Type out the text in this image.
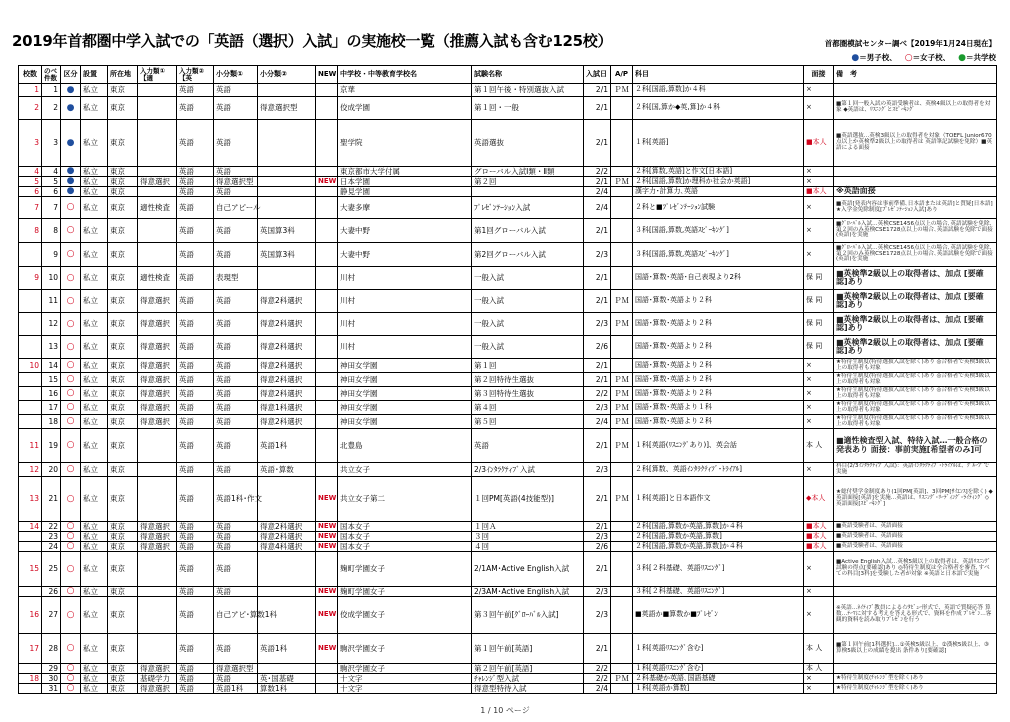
2019年首都圏中学入試での「英語（選択）入試」の実施校一覧（推薦入試も含む125校）	首都圏模試センター調べ【2019年1月24日現在】
●＝男子校、 ○＝女子校、 ●＝共学校
校数	のべ件数	区分	設置	所在地	入力類①【適	入力類②【英	小分類①	小分類②	NEW	中学校・中等教育学校名	試験名称	入試日	A/P	科目	面接	備　考
1	1	●	私立	東京		英語	英語			京華	第１回午後・特別選抜入試	2/1	ＰＭ	２科[国語,算数]か４科	×	
2	2	●	私立	東京		英語	英語	得意選択型		佼成学園	第１回・一般	2/1		２科[国,算か◆英,算]か４科	×	■第１回一般入試の英語受験者は、英検4級以上の取得者を対象 ◆英語は、ﾘｽﾆﾝｸﾞとｽﾋﾟｰｷﾝｸﾞ
3	3	●	私立	東京		英語	英語			聖学院	英語選抜	2/1		１科[英語]	■本人	■英語選抜…英検3級以上の取得者を対象（TOEFL Junior670点以上か英検準2級以上の取得者は 英語筆記試験を免除）■英語による面接
4	4	●	私立	東京		英語	英語			東京都市大学付属	グローバル入試Ⅰ類・Ⅱ類	2/2		２科[算数,英語]と作文[日本語]	×	
5	5	●	私立	東京	得意選択	英語	得意選択型		NEW	日本学園	第２回	2/1	ＰＭ	２科[国語,算数]か理科か社会か英語]	×	
6	6	●	私立	東京		英語	英語			静見学園		2/4		漢字力･計算力､英語	■本人	※英語面接
7	7	○	私立	東京	適性検査	英語	自己アピール			大妻多摩	ﾌﾟﾚｾﾞﾝﾃｰｼｮﾝ入試	2/4		２科と■ﾌﾟﾚｾﾞﾝﾃｰｼｮﾝ試験	×	■英語[発表内容は事前準備､日本語または英語]と質疑[日本語] ★入学金免除制度[ﾌﾟﾚｾﾞﾝﾃｰｼｮﾝ入試]あり
8	8	○	私立	東京		英語	英語	英国算3科		大妻中野	第1回グローバル入試	2/1		３科[国語,算数,英語ｽﾋﾟｰｷﾝｸﾞ]	×	■ｸﾞﾛｰﾊﾞﾙ入試…英検CSE1456点以上の場合､英語試験を免除､第２回のみ英検CSE1728点以上の場合､英語試験を免除で面接(英語)を実施
	9	○	私立	東京		英語	英語	英国算3科		大妻中野	第2回グローバル入試	2/3		３科[国語,算数,英語ｽﾋﾟｰｷﾝｸﾞ]	×	■ｸﾞﾛｰﾊﾞﾙ入試…英検CSE1456点以上の場合､英語試験を免除､第２回のみ英検CSE1728点以上の場合､英語試験を免除で面接(英語)を実施
9	10	○	私立	東京	適性検査	英語	表現型			川村	一般入試	2/1		国語･算数･英語･自己表現より2科	保 同	■英検準2級以上の取得者は、加点 [要確認]あり
	11	○	私立	東京	得意選択	英語	英語	得意2科選択		川村	一般入試	2/1	ＰＭ	国語･算数･英語より２科	保 同	■英検準2級以上の取得者は、加点 [要確認]あり
	12	○	私立	東京	得意選択	英語	英語	得意2科選択		川村	一般入試	2/3	ＰＭ	国語･算数･英語より２科	保 同	■英検準2級以上の取得者は、加点 [要確認]あり
	13	○	私立	東京	得意選択	英語	英語	得意2科選択		川村	一般入試	2/6		国語･算数･英語より２科	保 同	■英検準2級以上の取得者は、加点 [要確認]あり
10	14	○	私立	東京	得意選択	英語	英語	得意2科選択		神田女学園	第１回	2/1		国語･算数･英語より２科	×	★特待生制度(特待選抜入試を除く)あり ◎合格者で英検3級以上の取得者も対象
	15	○	私立	東京	得意選択	英語	英語	得意2科選択		神田女学園	第２回特待生選抜	2/1	ＰＭ	国語･算数･英語より２科	×	★特待生制度(特待選抜入試を除く)あり ◎合格者で英検3級以上の取得者も対象
	16	○	私立	東京	得意選択	英語	英語	得意2科選択		神田女学園	第３回特待生選抜	2/2	ＰＭ	国語･算数･英語より２科	×	★特待生制度(特待選抜入試を除く)あり ◎合格者で英検3級以上の取得者も対象
	17	○	私立	東京	得意選択	英語	英語	得意1科選択		神田女学園	第４回	2/3	ＰＭ	国語･算数･英語より１科	×	★特待生制度(特待選抜入試を除く)あり ◎合格者で英検3級以上の取得者も対象
	18	○	私立	東京	得意選択	英語	英語	得意2科選択		神田女学園	第５回	2/4	ＰＭ	国語･算数･英語より２科	×	★特待生制度(特待選抜入試を除く)あり ◎合格者で英検3級以上の取得者も対象
11	19	○	私立	東京		英語	英語	英語1科		北豊島	英語	2/1	ＰＭ	１科[英語(ﾘｽﾆﾝｸﾞあり)]、英会話	本 人	■適性検査型入試、特待入試…一般合格の発表あり 面接：事前実施[希望者のみ]可
12	20	○	私立	東京		英語	英語	英語･算数		共立女子	2/3ｲﾝﾀﾗｸﾃｨﾌﾞ入試	2/3		２科[算数、英語ｲﾝﾀﾗｸﾃｨﾌﾞ･ﾄﾗｲｱﾙ]	×	科目(2/3ｲﾝﾀﾗｸﾃｨﾌﾞ入試)：英語ｲﾝﾀﾗｸﾃｨﾌﾞ･ﾄﾗｲｱﾙは、ｸﾞﾙｰﾌﾟで実施
13	21	○	私立	東京		英語	英語1科･作文		NEW	共立女子第二	１回PM[英語(4技能型)]	2/1	ＰＭ	１科[英語]と日本語作文	◆本人	★総付奨学金制度あり(1回PM[英語]、3回PM[ｻｲｴﾝｽ]を除く) ◆英語面接[英語]を実施…英語は、ﾘｽﾆﾝｸﾞ･ﾘｰﾃﾞｨﾝｸﾞ･ﾗｲﾃｨﾝｸﾞ ◇英語面接[ｽﾋﾟｰｷﾝｸﾞ]
14	22	○	私立	東京	得意選択	英語	英語	得意2科選択	NEW	国本女子	１回Ａ	2/1		２科[国語,算数か英語,算数]か４科	■本人	■英語受験者は、英語面接
	23	○	私立	東京	得意選択	英語	英語	得意2科選択	NEW	国本女子	３回	2/3		２科[国語,算数か英語,算数]	■本人	■英語受験者は、英語面接
	24	○	私立	東京	得意選択	英語	英語	得意4科選択	NEW	国本女子	４回	2/6		２科[国語,算数か英語,算数]か４科	■本人	■英語受験者は、英語面接
15	25	○	私立	東京		英語	英語			麹町学園女子	2/1AM･Active English入試	2/1		３科[２科基礎、英語ﾘｽﾆﾝｸﾞ]	×	■Active English入試…英検5級以上の取得者は、英語ﾘｽﾆﾝｸﾞ試験の得点[要確認]あり ◎特待生制度は全合格者を審査､すべての科目[3科]を受験した者が対象 ※英語と日本語で実施
	26	○	私立	東京		英語	英語		NEW	麹町学園女子	2/3AM･Active English入試	2/3		３科[２科基礎、英語ﾘｽﾆﾝｸﾞ]	×	
16	27	○	私立	東京		英語	自己アピ･算数1科		NEW	佼成学園女子	第３回午前[ｸﾞﾛｰﾊﾞﾙ入試]	2/3		■英語か■算数か■ﾌﾟﾚｾﾞﾝ	×	※英語…ﾈｲﾃｨﾌﾞ教員によるｲﾝﾀﾋﾞｭｰ形式で、英語で質疑応答 算数…ﾃｰﾏに対する考えを答える形式で、資料を作成 ﾌﾟﾚｾﾞﾝ…客観的資料を読み取りﾌﾟﾚｾﾞﾝを行う
17	28	○	私立	東京		英語	英語	英語1科	NEW	駒沢学園女子	第１回午前[英語]	2/1		１科[英語ﾘｽﾆﾝｸﾞ含む]	本 人	■第１回午前[1科選択]…①英検5級以上、②漢検5級以上、③算検5級以上の成績を提出 条件あり[要確認]
	29	○	私立	東京	得意選択	英語	得意選択型			駒沢学園女子	第２回午前[英語]	2/2		１科[英語ﾘｽﾆﾝｸﾞ含む]	本 人	
18	30	○	私立	東京	基礎学力	英語	英語	英･国基礎		十文字	ﾁｬﾚﾝｼﾞ型入試	2/2	ＰＭ	２科基礎か英語､国語基礎	×	★特待生制度(ﾁｬﾚﾝｼﾞ型を除く)あり
	31	○	私立	東京	得意選択	英語	英語1科	算数1科		十文字	得意型特待入試	2/4		１科[英語か算数]	×	★特待生制度(ﾁｬﾚﾝｼﾞ型を除く)あり
1 / 10 ページ
